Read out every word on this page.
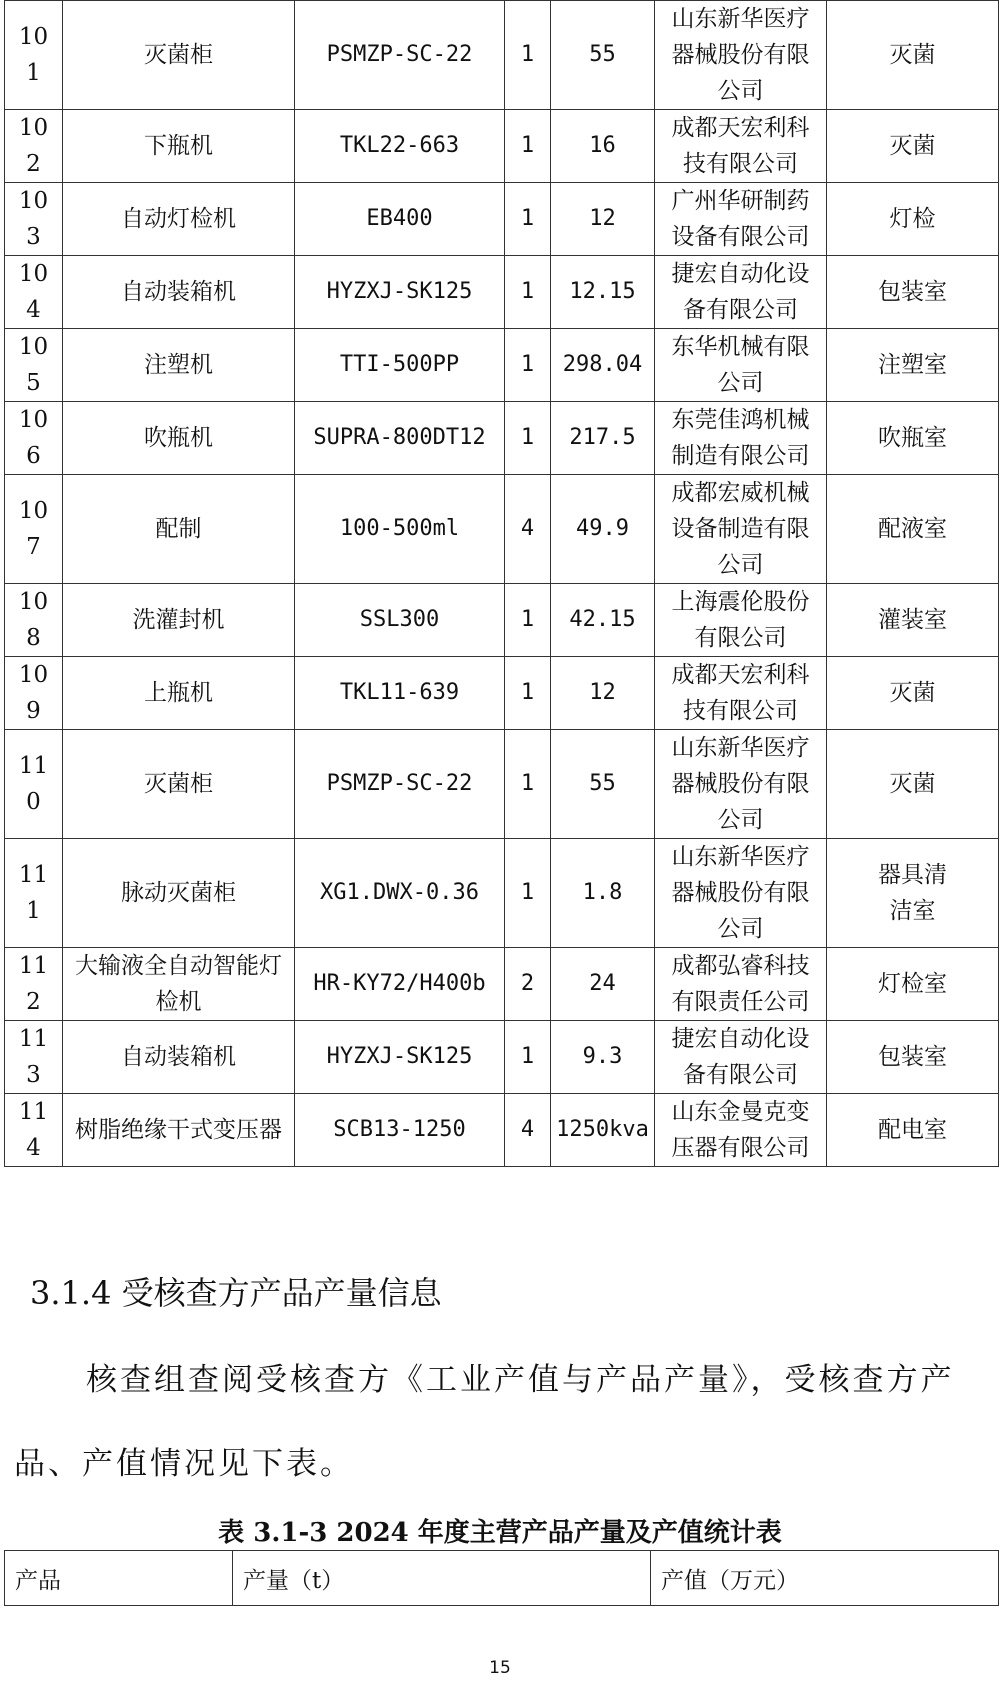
101	灭菌柜	PSMZP-SC-22	1	55	山东新华医疗器械股份有限公司	灭菌

102	下瓶机	TKL22-663	1	16	成都天宏利科技有限公司	灭菌

103	自动灯检机	EB400	1	12	广州华研制药设备有限公司	灯检

104	自动装箱机	HYZXJ-SK125	1	12.15	捷宏自动化设备有限公司	包装室

105	注塑机	TTI-500PP	1	298.04	东华机械有限公司	注塑室

106	吹瓶机	SUPRA-800DT12	1	217.5	东莞佳鸿机械制造有限公司	吹瓶室

107	配制	100-500ml	4	49.9	成都宏威机械设备制造有限公司	配液室

108	洗灌封机	SSL300	1	42.15	上海震伦股份有限公司	灌装室

109	上瓶机	TKL11-639	1	12	成都天宏利科技有限公司	灭菌

110	灭菌柜	PSMZP-SC-22	1	55	山东新华医疗器械股份有限公司	灭菌

111	脉动灭菌柜	XG1.DWX-0.36	1	1.8	山东新华医疗器械股份有限公司	器具清洁室

112	大输液全自动智能灯检机	HR-KY72/H400b	2	24	成都弘睿科技有限责任公司	灯检室

113	自动装箱机	HYZXJ-SK125	1	9.3	捷宏自动化设备有限公司	包装室

114	树脂绝缘干式变压器	SCB13-1250	4	1250kva	山东金曼克变压器有限公司	配电室
3.1.4 受核查方产品产量信息

核查组查阅受核查方《工业产值与产品产量》，受核查方产品、产值情况见下表。

表 3.1-3 2024 年度主营产品产量及产值统计表
产品	产量（t）	产值（万元）
15
